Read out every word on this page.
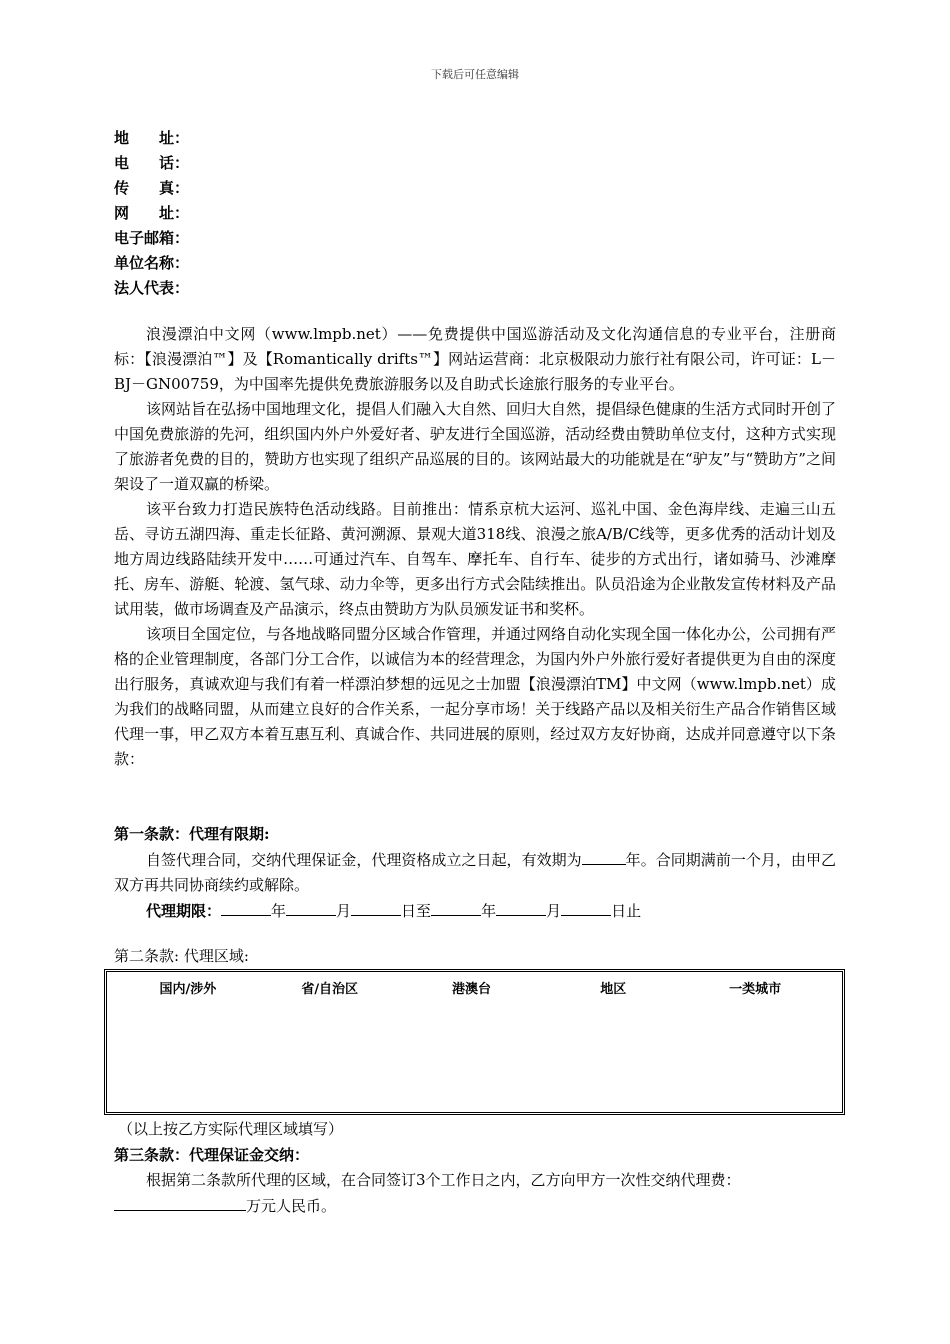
下载后可任意编辑
地　　址：
电　　话：
传　　真：
网　　址：
电子邮箱：
单位名称：
法人代表：

浪漫漂泊中文网（www.lmpb.net）——免费提供中国巡游活动及文化沟通信息的专业平台，注册商标：【浪漫漂泊™】及【Romantically drifts™】网站运营商：北京极限动力旅行社有限公司，许可证：L－BJ－GN00759，为中国率先提供免费旅游服务以及自助式长途旅行服务的专业平台。

该网站旨在弘扬中国地理文化，提倡人们融入大自然、回归大自然，提倡绿色健康的生活方式同时开创了中国免费旅游的先河，组织国内外户外爱好者、驴友进行全国巡游，活动经费由赞助单位支付，这种方式实现了旅游者免费的目的，赞助方也实现了组织产品巡展的目的。该网站最大的功能就是在“驴友”与“赞助方”之间架设了一道双赢的桥梁。

该平台致力打造民族特色活动线路。目前推出：情系京杭大运河、巡礼中国、金色海岸线、走遍三山五岳、寻访五湖四海、重走长征路、黄河溯源、景观大道318线、浪漫之旅A/B/C线等，更多优秀的活动计划及地方周边线路陆续开发中……可通过汽车、自驾车、摩托车、自行车、徒步的方式出行，诸如骑马、沙滩摩托、房车、游艇、轮渡、氢气球、动力伞等，更多出行方式会陆续推出。队员沿途为企业散发宣传材料及产品试用装，做市场调查及产品演示，终点由赞助方为队员颁发证书和奖杯。

该项目全国定位，与各地战略同盟分区域合作管理，并通过网络自动化实现全国一体化办公，公司拥有严格的企业管理制度，各部门分工合作，以诚信为本的经营理念，为国内外户外旅行爱好者提供更为自由的深度出行服务，真诚欢迎与我们有着一样漂泊梦想的远见之士加盟【浪漫漂泊TM】中文网（www.lmpb.net）成为我们的战略同盟，从而建立良好的合作关系，一起分享市场！关于线路产品以及相关衍生产品合作销售区域代理一事，甲乙双方本着互惠互利、真诚合作、共同进展的原则，经过双方友好协商，达成并同意遵守以下条款：

第一条款：代理有限期:

自签代理合同，交纳代理保证金，代理资格成立之日起，有效期为	年。合同期满前一个月，由甲乙双方再共同协商续约或解除。

代理期限：	年	月	日至	年	月	日止

第二条款: 代理区域:
国内/涉外	省/自治区	港澳台	地区	一类城市
（以上按乙方实际代理区域填写）
第三条款：代理保证金交纳：

根据第二条款所代理的区域，在合同签订3个工作日之内，乙方向甲方一次性交纳代理费：

万元人民币。
